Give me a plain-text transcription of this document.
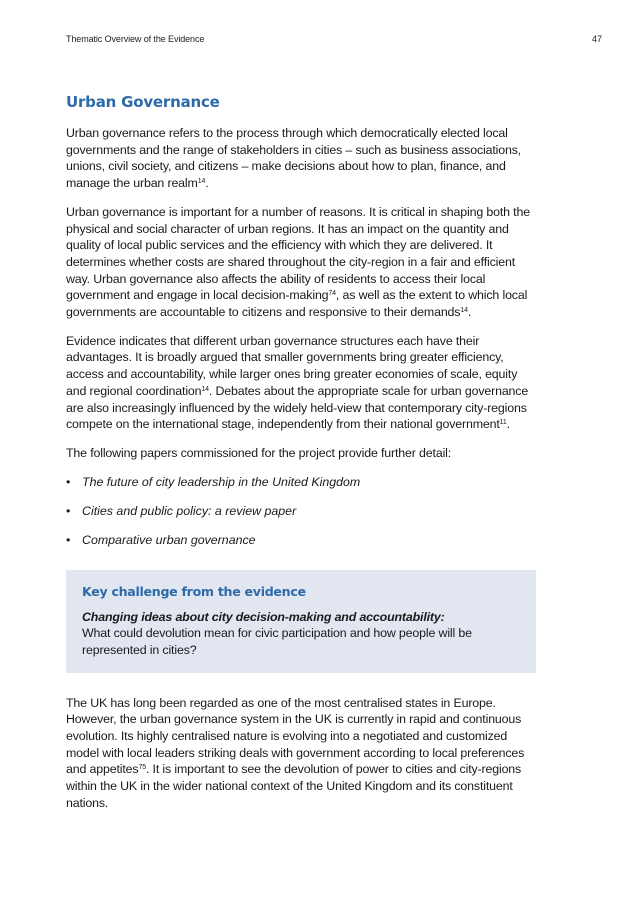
Thematic Overview of the Evidence	47
Urban Governance

Urban governance refers to the process through which democratically elected local governments and the range of stakeholders in cities – such as business associations, unions, civil society, and citizens – make decisions about how to plan, finance, and manage the urban realm$^{14}$.

Urban governance is important for a number of reasons. It is critical in shaping both the physical and social character of urban regions. It has an impact on the quantity and quality of local public services and the efficiency with which they are delivered. It determines whether costs are shared throughout the city-region in a fair and efficient way. Urban governance also affects the ability of residents to access their local government and engage in local decision-making$^{74}$, as well as the extent to which local governments are accountable to citizens and responsive to their demands$^{14}$.

Evidence indicates that different urban governance structures each have their advantages. It is broadly argued that smaller governments bring greater efficiency, access and accountability, while larger ones bring greater economies of scale, equity and regional coordination$^{14}$. Debates about the appropriate scale for urban governance are also increasingly influenced by the widely held-view that contemporary city-regions compete on the international stage, independently from their national government$^{11}$.

The following papers commissioned for the project provide further detail:

• The future of city leadership in the United Kingdom
• Cities and public policy: a review paper
• Comparative urban governance
Key challenge from the evidence

Changing ideas about city decision-making and accountability:

What could devolution mean for civic participation and how people will be represented in cities?

The UK has long been regarded as one of the most centralised states in Europe. However, the urban governance system in the UK is currently in rapid and continuous evolution. Its highly centralised nature is evolving into a negotiated and customized model with local leaders striking deals with government according to local preferences and appetites$^{75}$. It is important to see the devolution of power to cities and city-regions within the UK in the wider national context of the United Kingdom and its constituent nations.
